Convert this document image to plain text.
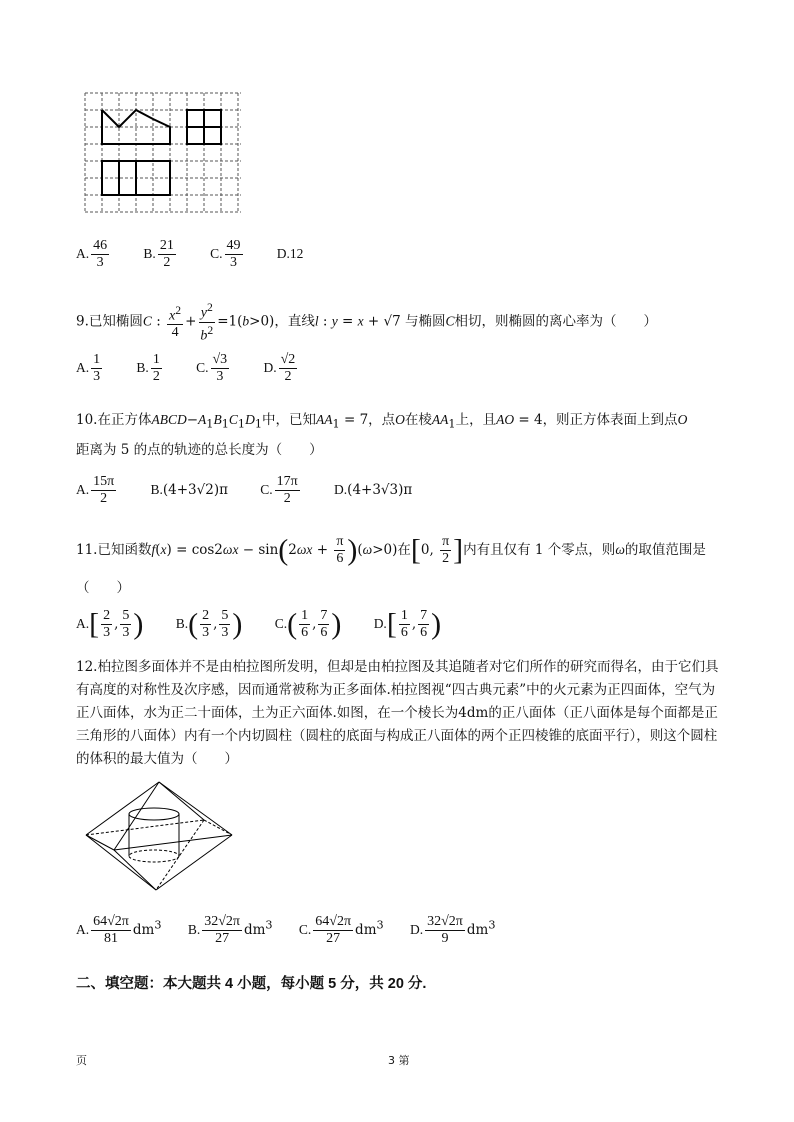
A. $\frac{46}{3}$	B. $\frac{21}{2}$	C. $\frac{49}{3}$	D.12
9.已知椭圆C : $\frac{x^2}{4} + \frac{y^2}{b^2} =1(b>0)$，直线l : y = x + √7 与椭圆C相切，则椭圆的离心率为（　　）
A. $\frac{1}{3}$	B. $\frac{1}{2}$	C. $\frac{√3}{3}$	D. $\frac{√2}{2}$
10.在正方体$ABCD-A_1B_1C_1D_1$中，已知$AA_1 = 7$，点O在棱$AA_1$上，且AO = 4，则正方体表面上到点O
距离为 5 的点的轨迹的总长度为（　　）
A. $\frac{15\pi}{2}$	B.(4+3√2)π C. $\frac{17\pi}{2}$	D.(4+3√3)π
11.已知函数$f(x) = \cos 2\omega x - \sin(2\omega x + \frac{\pi}{6} )(\omega>0)$在[0, $\frac{\pi}{2}$ ]内有且仅有 1 个零点，则ω的取值范围是
（　　）
$A.[ \frac{2}{3}$ , $\frac{5}{3}$ ) $B.( \frac{2}{3}$ , $\frac{5}{3}$ ) $C.( \frac{1}{6}$ , $\frac{7}{6}$ ) $D.[ \frac{1}{6}$ , $\frac{7}{6}$ )
12.柏拉图多面体并不是由柏拉图所发明，但却是由柏拉图及其追随者对它们所作的研究而得名，由于它们具有高度的对称性及次序感，因而通常被称为正多面体.柏拉图视“四古典元素”中的火元素为正四面体，空气为正八面体，水为正二十面体，土为正六面体.如图，在一个棱长为4dm的正八面体（正八面体是每个面都是正三角形的八面体）内有一个内切圆柱（圆柱的底面与构成正八面体的两个正四棱锥的底面平行），则这个圆柱的体积的最大值为（　　）
A. $\frac{64√2\pi}{81} dm^3$ B. $\frac{32√2\pi}{27} dm^3$ C. $\frac{64√2\pi}{27} dm^3$ D. $\frac{32√2\pi}{9} dm^3$
二、填空题：本大题共 4 小题，每小题 5 分，共 20 分.
页	3 第
